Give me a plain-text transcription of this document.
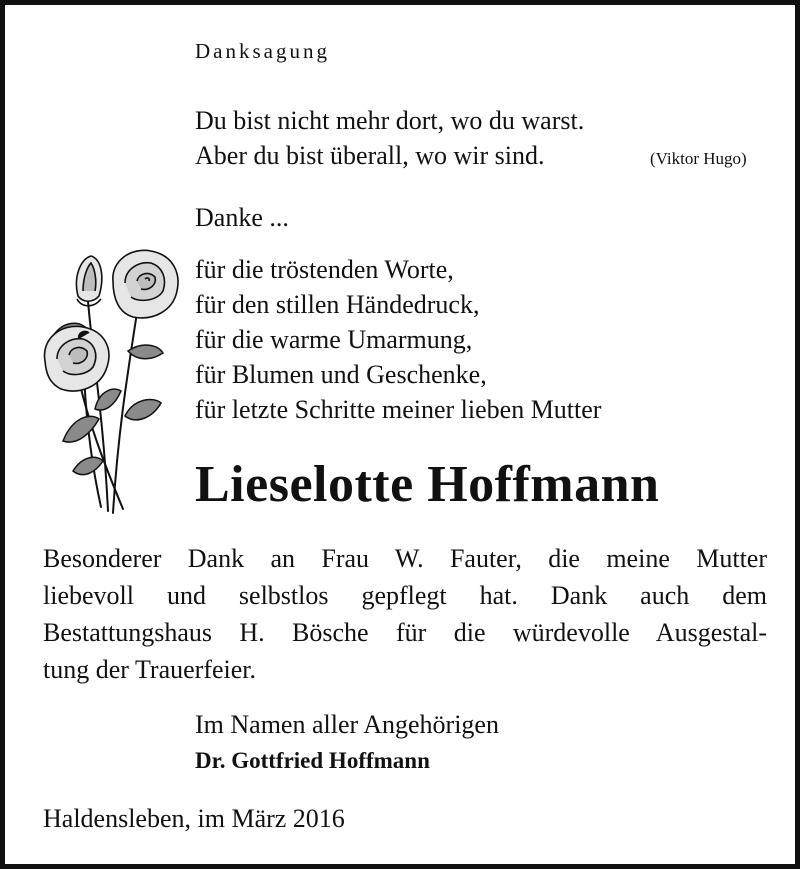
Danksagung
Du bist nicht mehr dort, wo du warst.
Aber du bist überall, wo wir sind.	(Viktor Hugo)
Danke ...
für die tröstenden Worte,
für den stillen Händedruck,
für die warme Umarmung,
für Blumen und Geschenke,
für letzte Schritte meiner lieben Mutter
Lieselotte Hoffmann
Besonderer Dank an Frau W. Fauter, die meine Mutter
liebevoll und selbstlos gepflegt hat. Dank auch dem
Bestattungshaus H. Bösche für die würdevolle Ausgestal-
tung der Trauerfeier.
Im Namen aller Angehörigen
Dr. Gottfried Hoffmann
Haldensleben, im März 2016
